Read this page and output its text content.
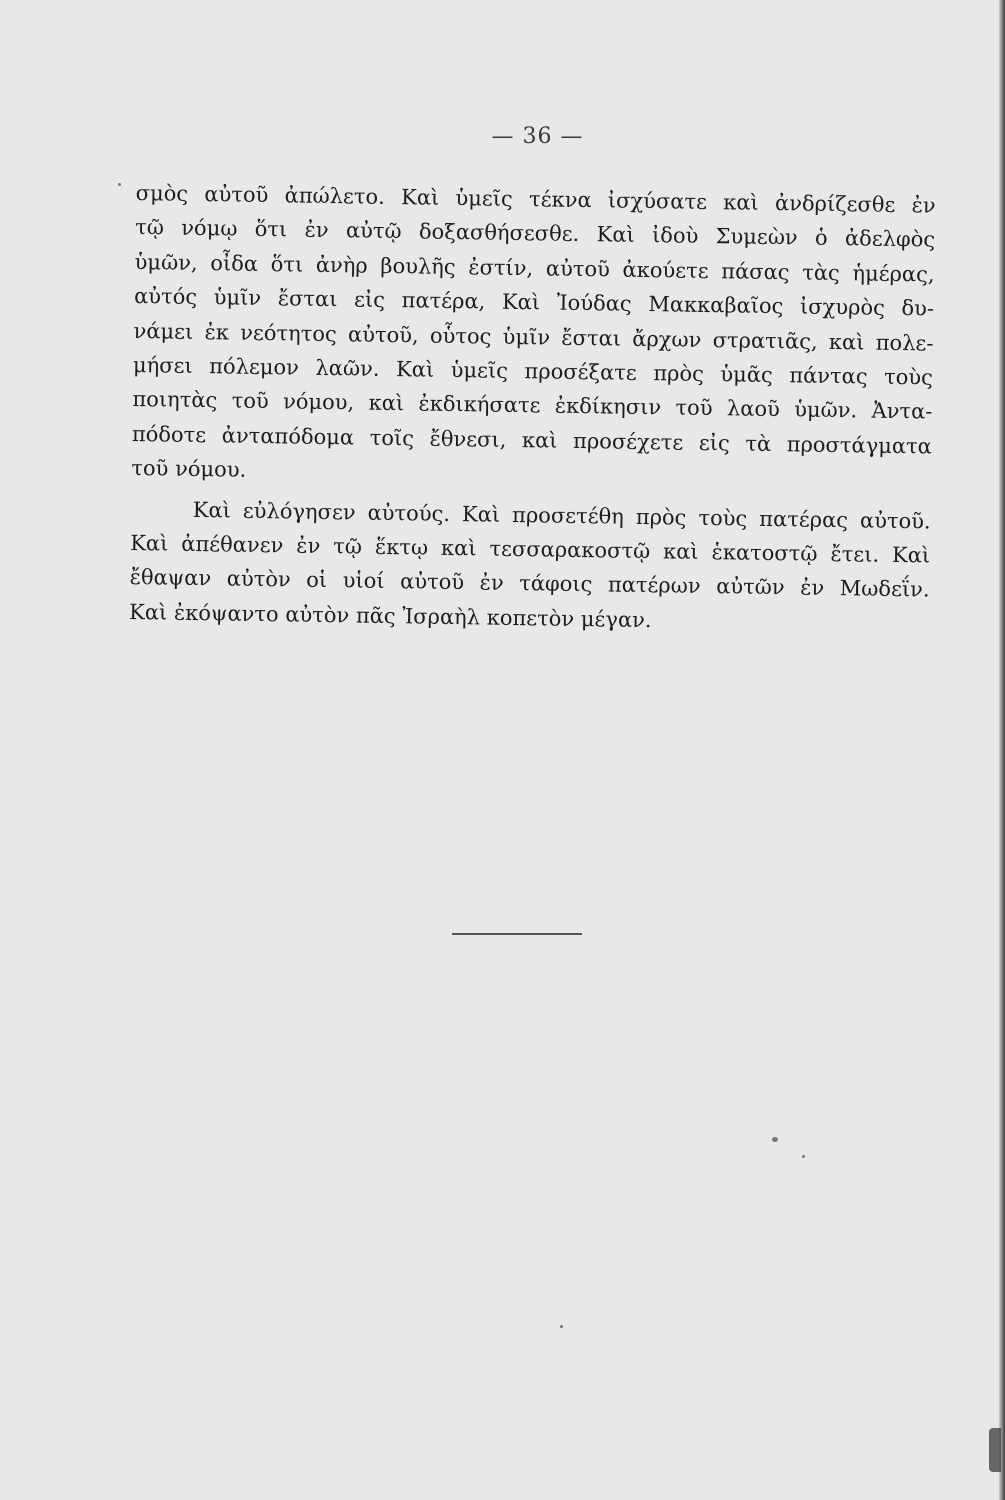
— 36 —
σμὸς αὐτοῦ ἀπώλετο. Καὶ ὑμεῖς τέκνα ἰσχύσατε καὶ ἀνδρίζεσθε ἐν
τῷ νόμῳ ὅτι ἐν αὐτῷ δοξασθήσεσθε. Καὶ ἰδοὺ Συμεὼν ὁ ἀδελφὸς
ὑμῶν, οἶδα ὅτι ἀνὴρ βουλῆς ἐστίν, αὐτοῦ ἀκούετε πάσας τὰς ἡμέρας,
αὐτός ὑμῖν ἔσται εἰς πατέρα, Καὶ Ἰούδας Μακκαβαῖος ἰσχυρὸς δυ-
νάμει ἐκ νεότητος αὐτοῦ, οὗτος ὑμῖν ἔσται ἄρχων στρατιᾶς, καὶ πολε-
μήσει πόλεμον λαῶν. Καὶ ὑμεῖς προσέξατε πρὸς ὑμᾶς πάντας τοὺς
ποιητὰς τοῦ νόμου, καὶ ἐκδικήσατε ἐκδίκησιν τοῦ λαοῦ ὑμῶν. Ἀντα-
πόδοτε ἀνταπόδομα τοῖς ἔθνεσι, καὶ προσέχετε εἰς τὰ προστάγματα
τοῦ νόμου.
Καὶ εὐλόγησεν αὐτούς. Καὶ προσετέθη πρὸς τοὺς πατέρας αὐτοῦ.
Καὶ ἀπέθανεν ἐν τῷ ἕκτῳ καὶ τεσσαρακοστῷ καὶ ἑκατοστῷ ἔτει. Καὶ
ἔθαψαν αὐτὸν οἱ υἱοί αὐτοῦ ἐν τάφοις πατέρων αὐτῶν ἐν Μωδεΐν.
Καὶ ἐκόψαντο αὐτὸν πᾶς Ἰσραὴλ κοπετὸν μέγαν.
